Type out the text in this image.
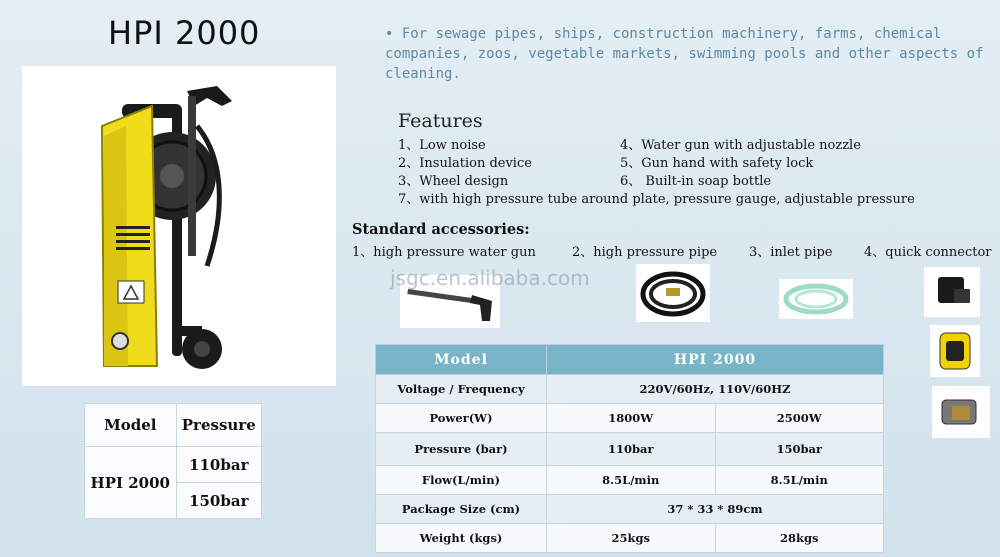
HPI 2000	• For sewage pipes, ships, construction machinery, farms, chemical companies, zoos, vegetable markets, swimming pools and other aspects of cleaning.
Features
1、Low noise
2、Insulation device
3、Wheel design
4、Water gun with adjustable nozzle
5、Gun hand with safety lock
6、 Built-in soap bottle
7、with high pressure tube around plate, pressure gauge, adjustable pressure
Standard accessories:
1、high pressure water gun	2、high pressure pipe 3、inlet pipe 4、quick connector
jsgc.en.alibaba.com
Model	Pressure
HPI 2000	110bar
	150bar
Model	HPI 2000	
Voltage / Frequency	220V/60Hz, 110V/60HZ	
Power(W)	1800W	2500W
Pressure (bar)	110bar	150bar
Flow(L/min)	8.5L/min	8.5L/min
Package Size (cm)	37 * 33 * 89cm	
Weight (kgs)	25kgs	28kgs
